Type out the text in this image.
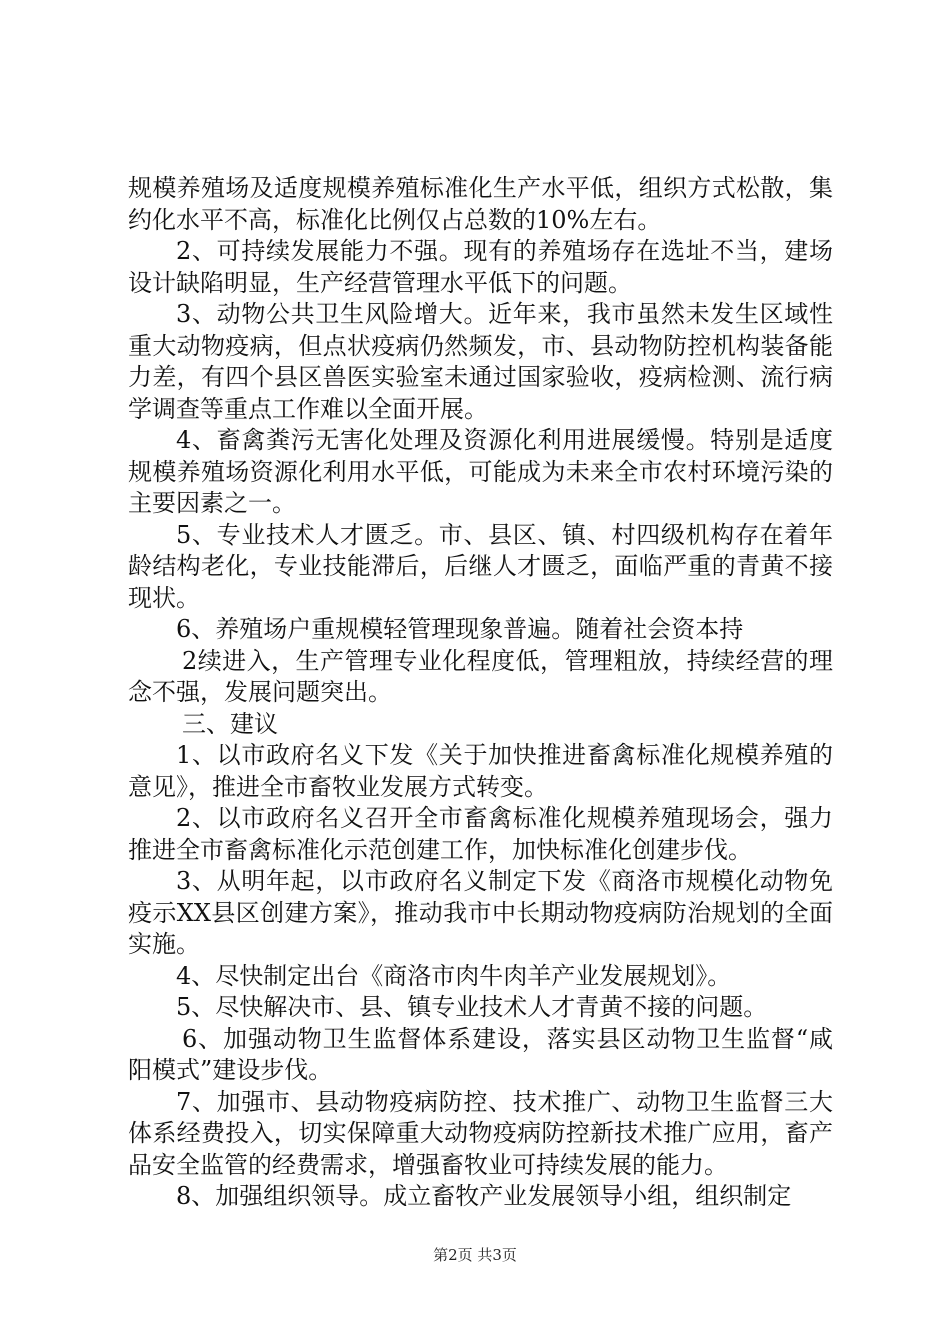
规模养殖场及适度规模养殖标准化生产水平低，组织方式松散，集约化水平不高，标准化比例仅占总数的10%左右。

2、可持续发展能力不强。现有的养殖场存在选址不当，建场设计缺陷明显，生产经营管理水平低下的问题。

3、动物公共卫生风险增大。近年来，我市虽然未发生区域性重大动物疫病，但点状疫病仍然频发，市、县动物防控机构装备能力差，有四个县区兽医实验室未通过国家验收，疫病检测、流行病学调查等重点工作难以全面开展。

4、畜禽粪污无害化处理及资源化利用进展缓慢。特别是适度规模养殖场资源化利用水平低，可能成为未来全市农村环境污染的主要因素之一。

5、专业技术人才匮乏。市、县区、镇、村四级机构存在着年龄结构老化，专业技能滞后，后继人才匮乏，面临严重的青黄不接现状。

6、养殖场户重规模轻管理现象普遍。随着社会资本持

2续进入，生产管理专业化程度低，管理粗放，持续经营的理念不强，发展问题突出。

三、建议

1、以市政府名义下发《关于加快推进畜禽标准化规模养殖的意见》，推进全市畜牧业发展方式转变。

2、以市政府名义召开全市畜禽标准化规模养殖现场会，强力推进全市畜禽标准化示范创建工作，加快标准化创建步伐。

3、从明年起，以市政府名义制定下发《商洛市规模化动物免疫示XX县区创建方案》，推动我市中长期动物疫病防治规划的全面实施。

4、尽快制定出台《商洛市肉牛肉羊产业发展规划》。

5、尽快解决市、县、镇专业技术人才青黄不接的问题。

6、加强动物卫生监督体系建设，落实县区动物卫生监督“咸阳模式”建设步伐。

7、加强市、县动物疫病防控、技术推广、动物卫生监督三大体系经费投入，切实保障重大动物疫病防控新技术推广应用，畜产品安全监管的经费需求，增强畜牧业可持续发展的能力。

8、加强组织领导。成立畜牧产业发展领导小组，组织制定

第2页 共3页
